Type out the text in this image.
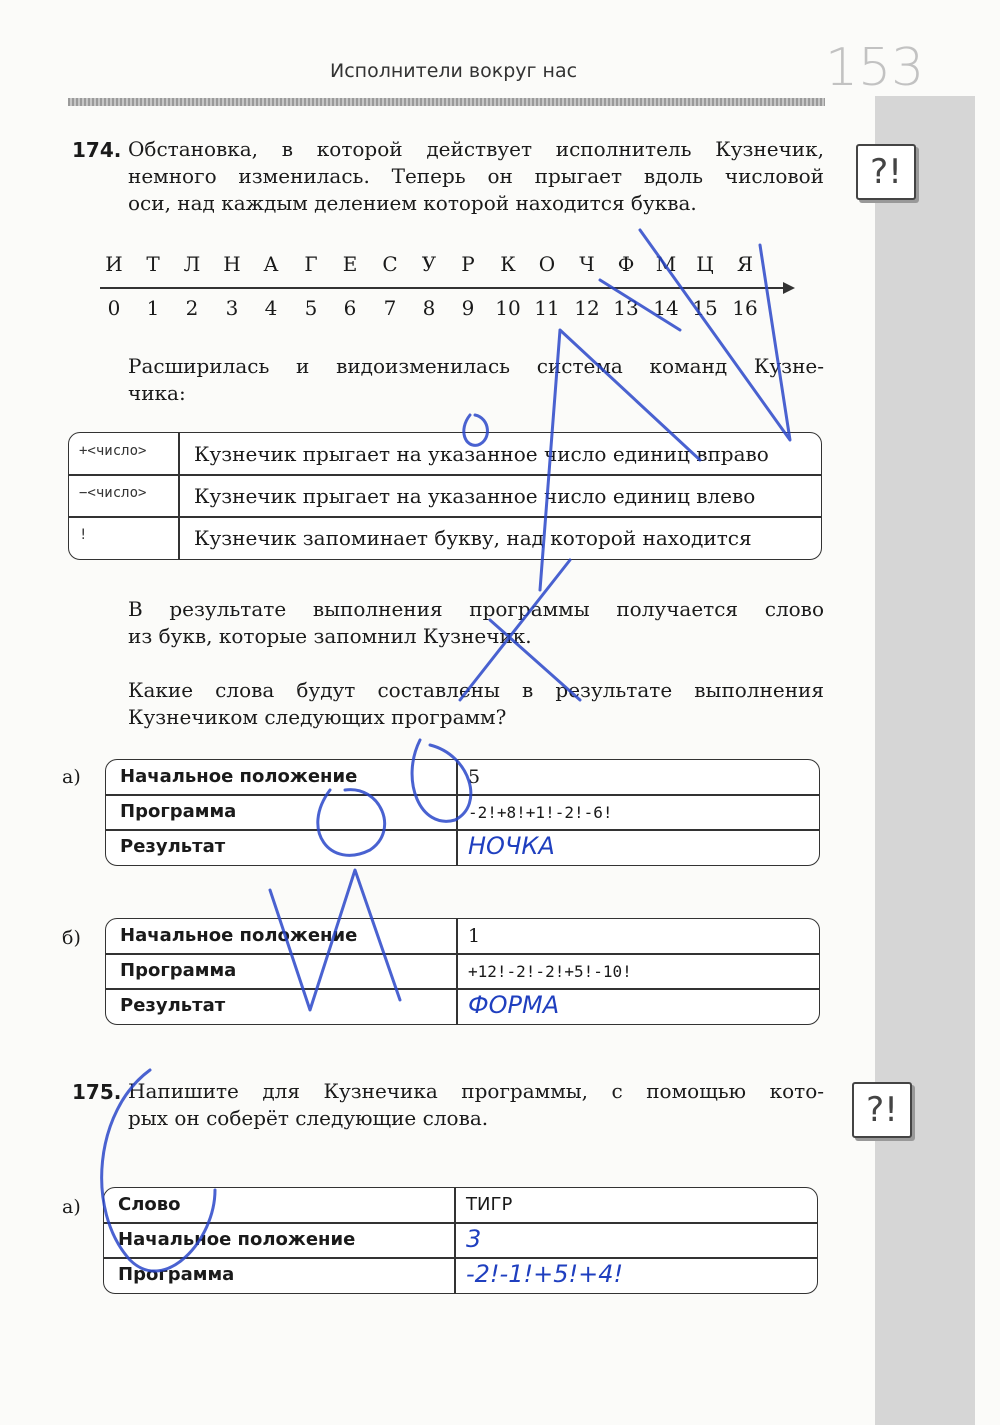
Исполнители вокруг нас	153
?!
174. Обстановка, в которой действует исполнитель Кузнечик,
немного изменилась. Теперь он прыгает вдоль числовой
оси, над каждым делением которой находится буква.
И	Т	Л	Н	А	Г	Е	С	У	Р	К	О	Ч	Ф	М	Ц	Я
0	1	2	3	4	5	6	7	8	9	10 11 12 13 14 15 16
Расширилась и видоизменилась система команд Кузне-
чика:
+<число> Кузнечик прыгает на указанное число единиц вправо
−<число> Кузнечик прыгает на указанное число единиц влево
!	Кузнечик запоминает букву, над которой находится
В результате выполнения программы получается слово
из букв, которые запомнил Кузнечик.
Какие слова будут составлены в результате выполнения
Кузнечиком следующих программ?
а) Начальное положение	5
Программа	-2!+8!+1!-2!-6!
Результат	НОЧКА
б) Начальное положение	1
Программа	+12!-2!-2!+5!-10!
Результат	ФОРМА
?!
175. Напишите для Кузнечика программы, с помощью кото-
рых он соберёт следующие слова.
а) Слово	ТИГР
Начальное положение	3
Программа	-2!-1!+5!+4!
